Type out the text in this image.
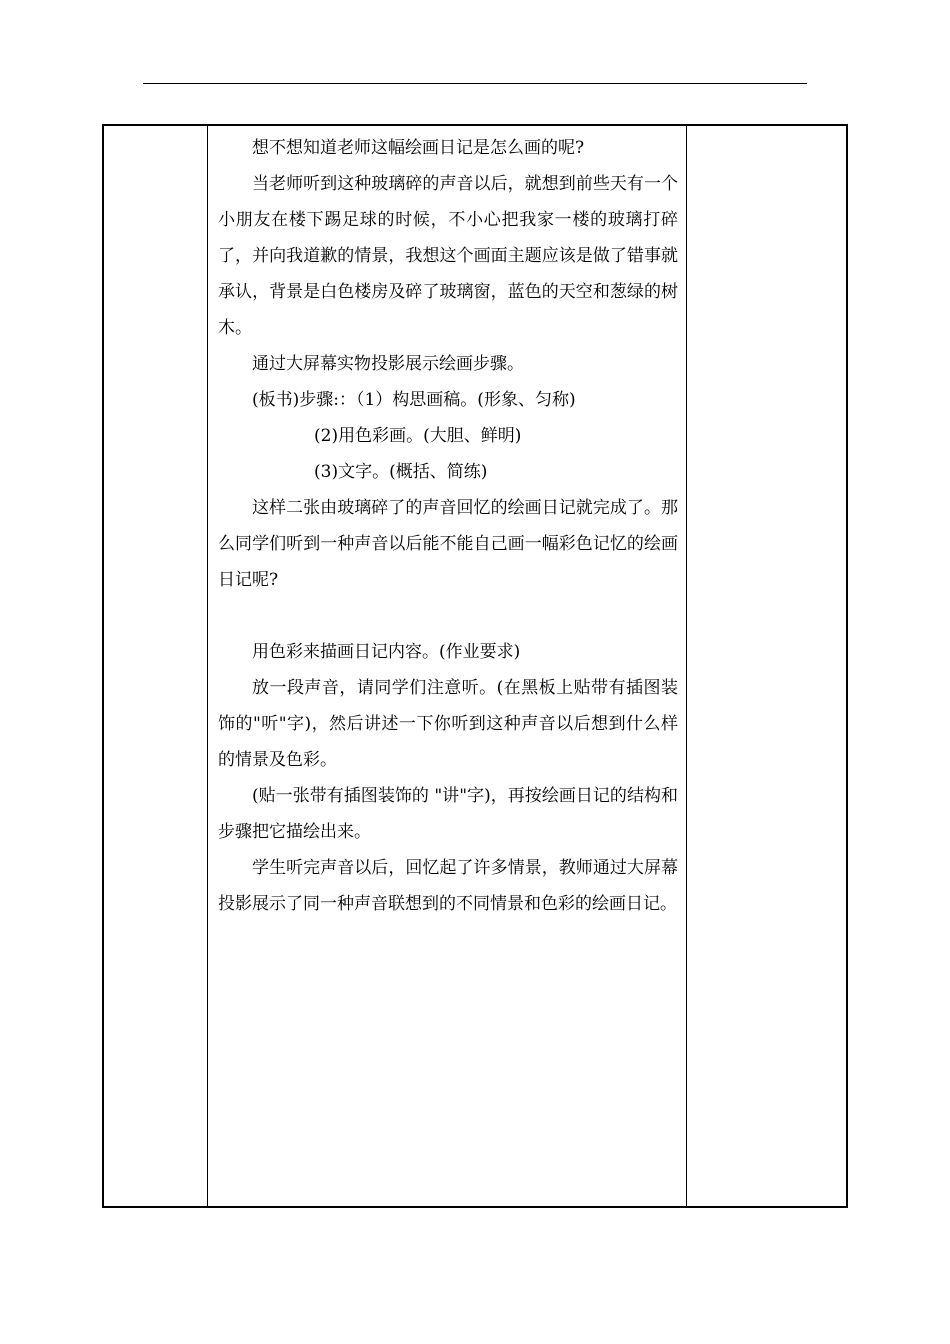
想不想知道老师这幅绘画日记是怎么画的呢?

当老师听到这种玻璃碎的声音以后，就想到前些天有一个小朋友在楼下踢足球的时候，不小心把我家一楼的玻璃打碎了，并向我道歉的情景，我想这个画面主题应该是做了错事就承认，背景是白色楼房及碎了玻璃窗，蓝色的天空和葱绿的树木。

通过大屏幕实物投影展示绘画步骤。

(板书)步骤:：（1）构思画稿。(形象、匀称)

(2)用色彩画。(大胆、鲜明)

(3)文字。(概括、简练)

这样二张由玻璃碎了的声音回忆的绘画日记就完成了。那么同学们听到一种声音以后能不能自己画一幅彩色记忆的绘画日记呢?

用色彩来描画日记内容。(作业要求)

放一段声音，请同学们注意听。(在黑板上贴带有插图装饰的"听"字)，然后讲述一下你听到这种声音以后想到什么样的情景及色彩。

(贴一张带有插图装饰的 "讲"字)，再按绘画日记的结构和步骤把它描绘出来。

学生听完声音以后，回忆起了许多情景，教师通过大屏幕投影展示了同一种声音联想到的不同情景和色彩的绘画日记。
